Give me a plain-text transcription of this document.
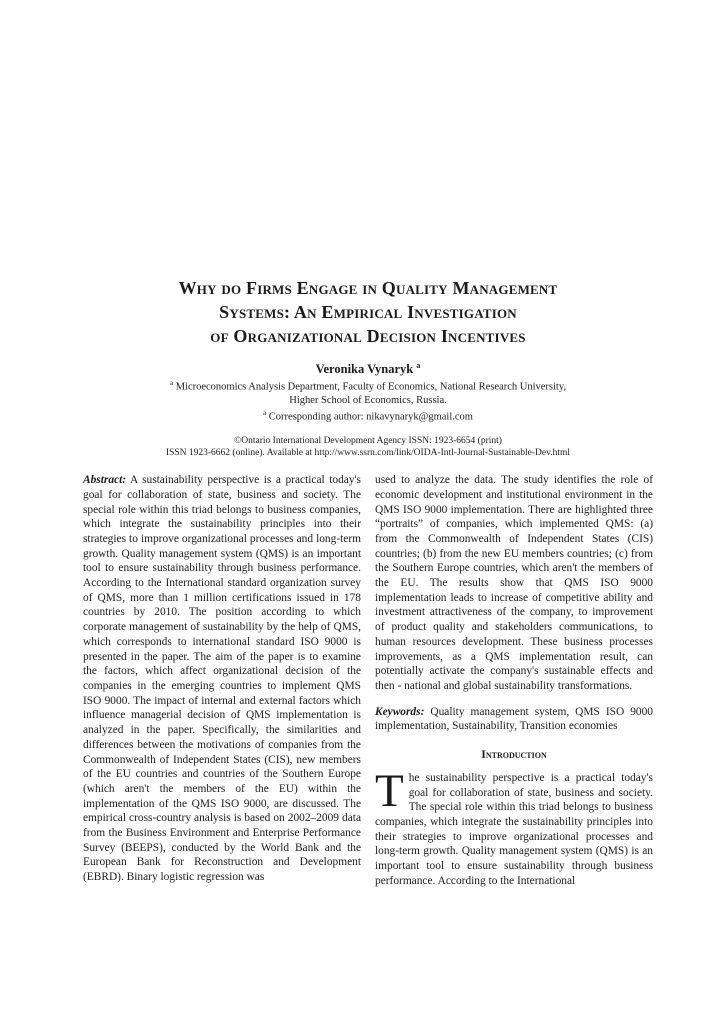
Why do Firms Engage in Quality Management
Systems: An Empirical Investigation
of Organizational Decision Incentives
Veronika Vynaryk $^a$
$^a$ Microeconomics Analysis Department, Faculty of Economics, National Research University,
Higher School of Economics, Russia.
$^a$ Corresponding author: nikavynaryk@gmail.com
©Ontario International Development Agency ISSN: 1923-6654 (print)
ISSN 1923-6662 (online). Available at http://www.ssrn.com/link/OIDA-Intl-Journal-Sustainable-Dev.html

Abstract: A sustainability perspective is a practical today's goal for collaboration of state, business and society. The special role within this triad belongs to business companies, which integrate the sustainability principles into their strategies to improve organizational processes and long-term growth. Quality management system (QMS) is an important tool to ensure sustainability through business performance. According to the International standard organization survey of QMS, more than 1 million certifications issued in 178 countries by 2010. The position according to which corporate management of sustainability by the help of QMS, which corresponds to international standard ISO 9000 is presented in the paper. The aim of the paper is to examine the factors, which affect organizational decision of the companies in the emerging countries to implement QMS ISO 9000. The impact of internal and external factors which influence managerial decision of QMS implementation is analyzed in the paper. Specifically, the similarities and differences between the motivations of companies from the Commonwealth of Independent States (CIS), new members of the EU countries and countries of the Southern Europe (which aren't the members of the EU) within the implementation of the QMS ISO 9000, are discussed. The empirical cross-country analysis is based on 2002–2009 data from the Business Environment and Enterprise Performance Survey (BEEPS), conducted by the World Bank and the European Bank for Reconstruction and Development (EBRD). Binary logistic regression was

used to analyze the data. The study identifies the role of economic development and institutional environment in the QMS ISO 9000 implementation. There are highlighted three “portraits” of companies, which implemented QMS: (a) from the Commonwealth of Independent States (CIS) countries; (b) from the new EU members countries; (c) from the Southern Europe countries, which aren't the members of the EU. The results show that QMS ISO 9000 implementation leads to increase of competitive ability and investment attractiveness of the company, to improvement of product quality and stakeholders communications, to human resources development. These business processes improvements, as a QMS implementation result, can potentially activate the company's sustainable effects and then - national and global sustainability transformations.

Keywords: Quality management system, QMS ISO 9000 implementation, Sustainability, Transition economies

Introduction

The sustainability perspective is a practical today's goal for collaboration of state, business and society. The special role within this triad belongs to business companies, which integrate the sustainability principles into their strategies to improve organizational processes and long-term growth. Quality management system (QMS) is an important tool to ensure sustainability through business performance. According to the International
